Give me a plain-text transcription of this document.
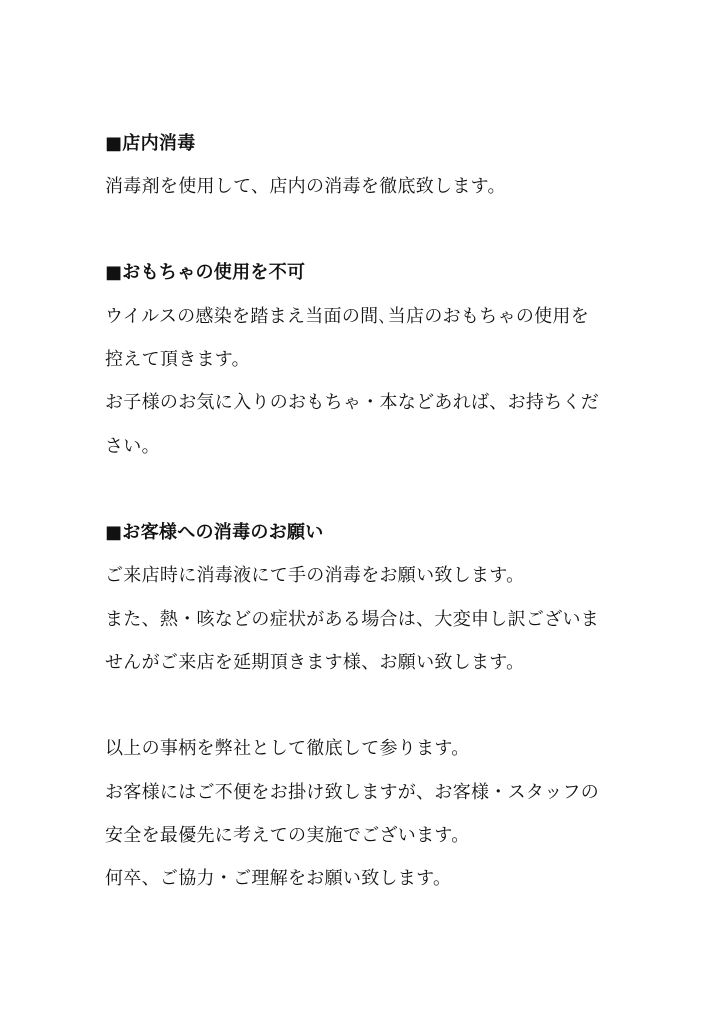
■店内消毒
消毒剤を使用して、店内の消毒を徹底致します。
■おもちゃの使用を不可
ウイルスの感染を踏まえ当面の間､当店のおもちゃの使用を
控えて頂きます。
お子様のお気に入りのおもちゃ・本などあれば、お持ちくだ
さい。
■お客様への消毒のお願い
ご来店時に消毒液にて手の消毒をお願い致します。
また、熱・咳などの症状がある場合は、大変申し訳ございま
せんがご来店を延期頂きます様、お願い致します。
以上の事柄を弊社として徹底して参ります。
お客様にはご不便をお掛け致しますが、お客様・スタッフの
安全を最優先に考えての実施でございます。
何卒、ご協力・ご理解をお願い致します。
